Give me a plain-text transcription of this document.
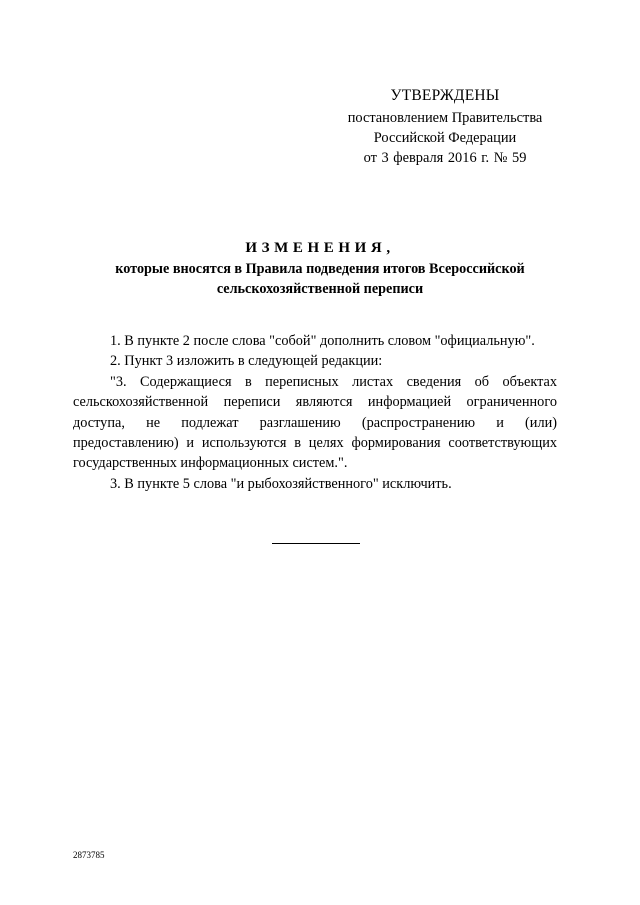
УТВЕРЖДЕНЫ
постановлением Правительства
Российской Федерации
от 3 февраля 2016 г. № 59
ИЗМЕНЕНИЯ,
которые вносятся в Правила подведения итогов Всероссийской
сельскохозяйственной переписи

1. В пункте 2 после слова "собой" дополнить словом "официальную".

2. Пункт 3 изложить в следующей редакции:

"3. Содержащиеся в переписных листах сведения об объектах сельскохозяйственной переписи являются информацией ограниченного доступа, не подлежат разглашению (распространению и (или) предоставлению) и используются в целях формирования соответствующих государственных информационных систем.".

3. В пункте 5 слова "и рыбохозяйственного" исключить.

2873785
